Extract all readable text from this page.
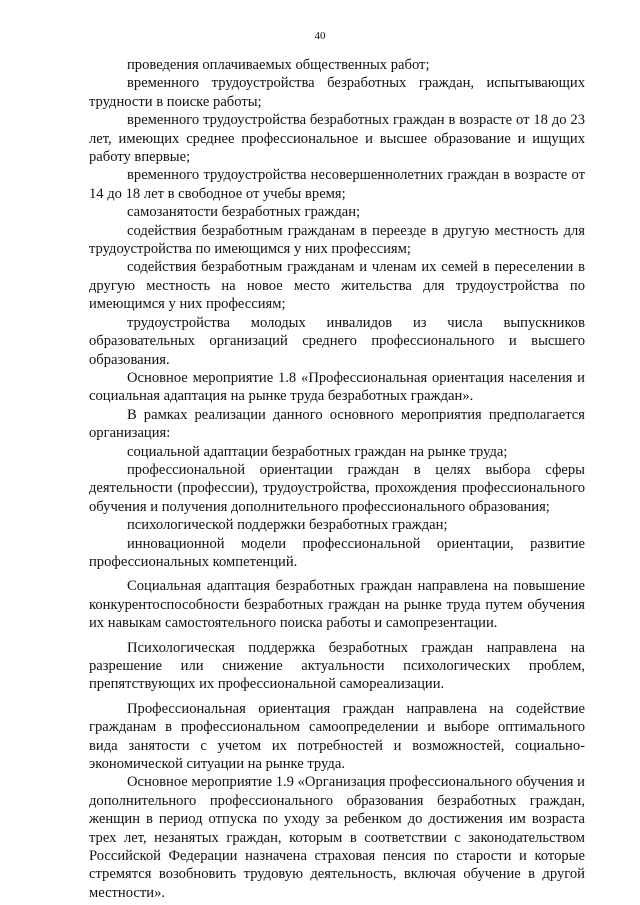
40

проведения оплачиваемых общественных работ;

временного трудоустройства безработных граждан, испытывающих трудности в поиске работы;

временного трудоустройства безработных граждан в возрасте от 18 до 23 лет, имеющих среднее профессиональное и высшее образование и ищущих работу впервые;

временного трудоустройства несовершеннолетних граждан в возрасте от 14 до 18 лет в свободное от учебы время;

самозанятости безработных граждан;

содействия безработным гражданам в переезде в другую местность для трудоустройства по имеющимся у них профессиям;

содействия безработным гражданам и членам их семей в переселении в другую местность на новое место жительства для трудоустройства по имеющимся у них профессиям;

трудоустройства молодых инвалидов из числа выпускников образовательных организаций среднего профессионального и высшего образования.

Основное мероприятие 1.8 «Профессиональная ориентация населения и социальная адаптация на рынке труда безработных граждан».

В рамках реализации данного основного мероприятия предполагается организация:

социальной адаптации безработных граждан на рынке труда;

профессиональной ориентации граждан в целях выбора сферы деятельности (профессии), трудоустройства, прохождения профессионального обучения и получения дополнительного профессионального образования;

психологической поддержки безработных граждан;

инновационной модели профессиональной ориентации, развитие профессиональных компетенций.

Социальная адаптация безработных граждан направлена на повышение конкурентоспособности безработных граждан на рынке труда путем обучения их навыкам самостоятельного поиска работы и самопрезентации.

Психологическая поддержка безработных граждан направлена на разрешение или снижение актуальности психологических проблем, препятствующих их профессиональной самореализации.

Профессиональная ориентация граждан направлена на содействие гражданам в профессиональном самоопределении и выборе оптимального вида занятости с учетом их потребностей и возможностей, социально-экономической ситуации на рынке труда.

Основное мероприятие 1.9 «Организация профессионального обучения и дополнительного профессионального образования безработных граждан, женщин в период отпуска по уходу за ребенком до достижения им возраста трех лет, незанятых граждан, которым в соответствии с законодательством Российской Федерации назначена страховая пенсия по старости и которые стремятся возобновить трудовую деятельность, включая обучение в другой местности».
